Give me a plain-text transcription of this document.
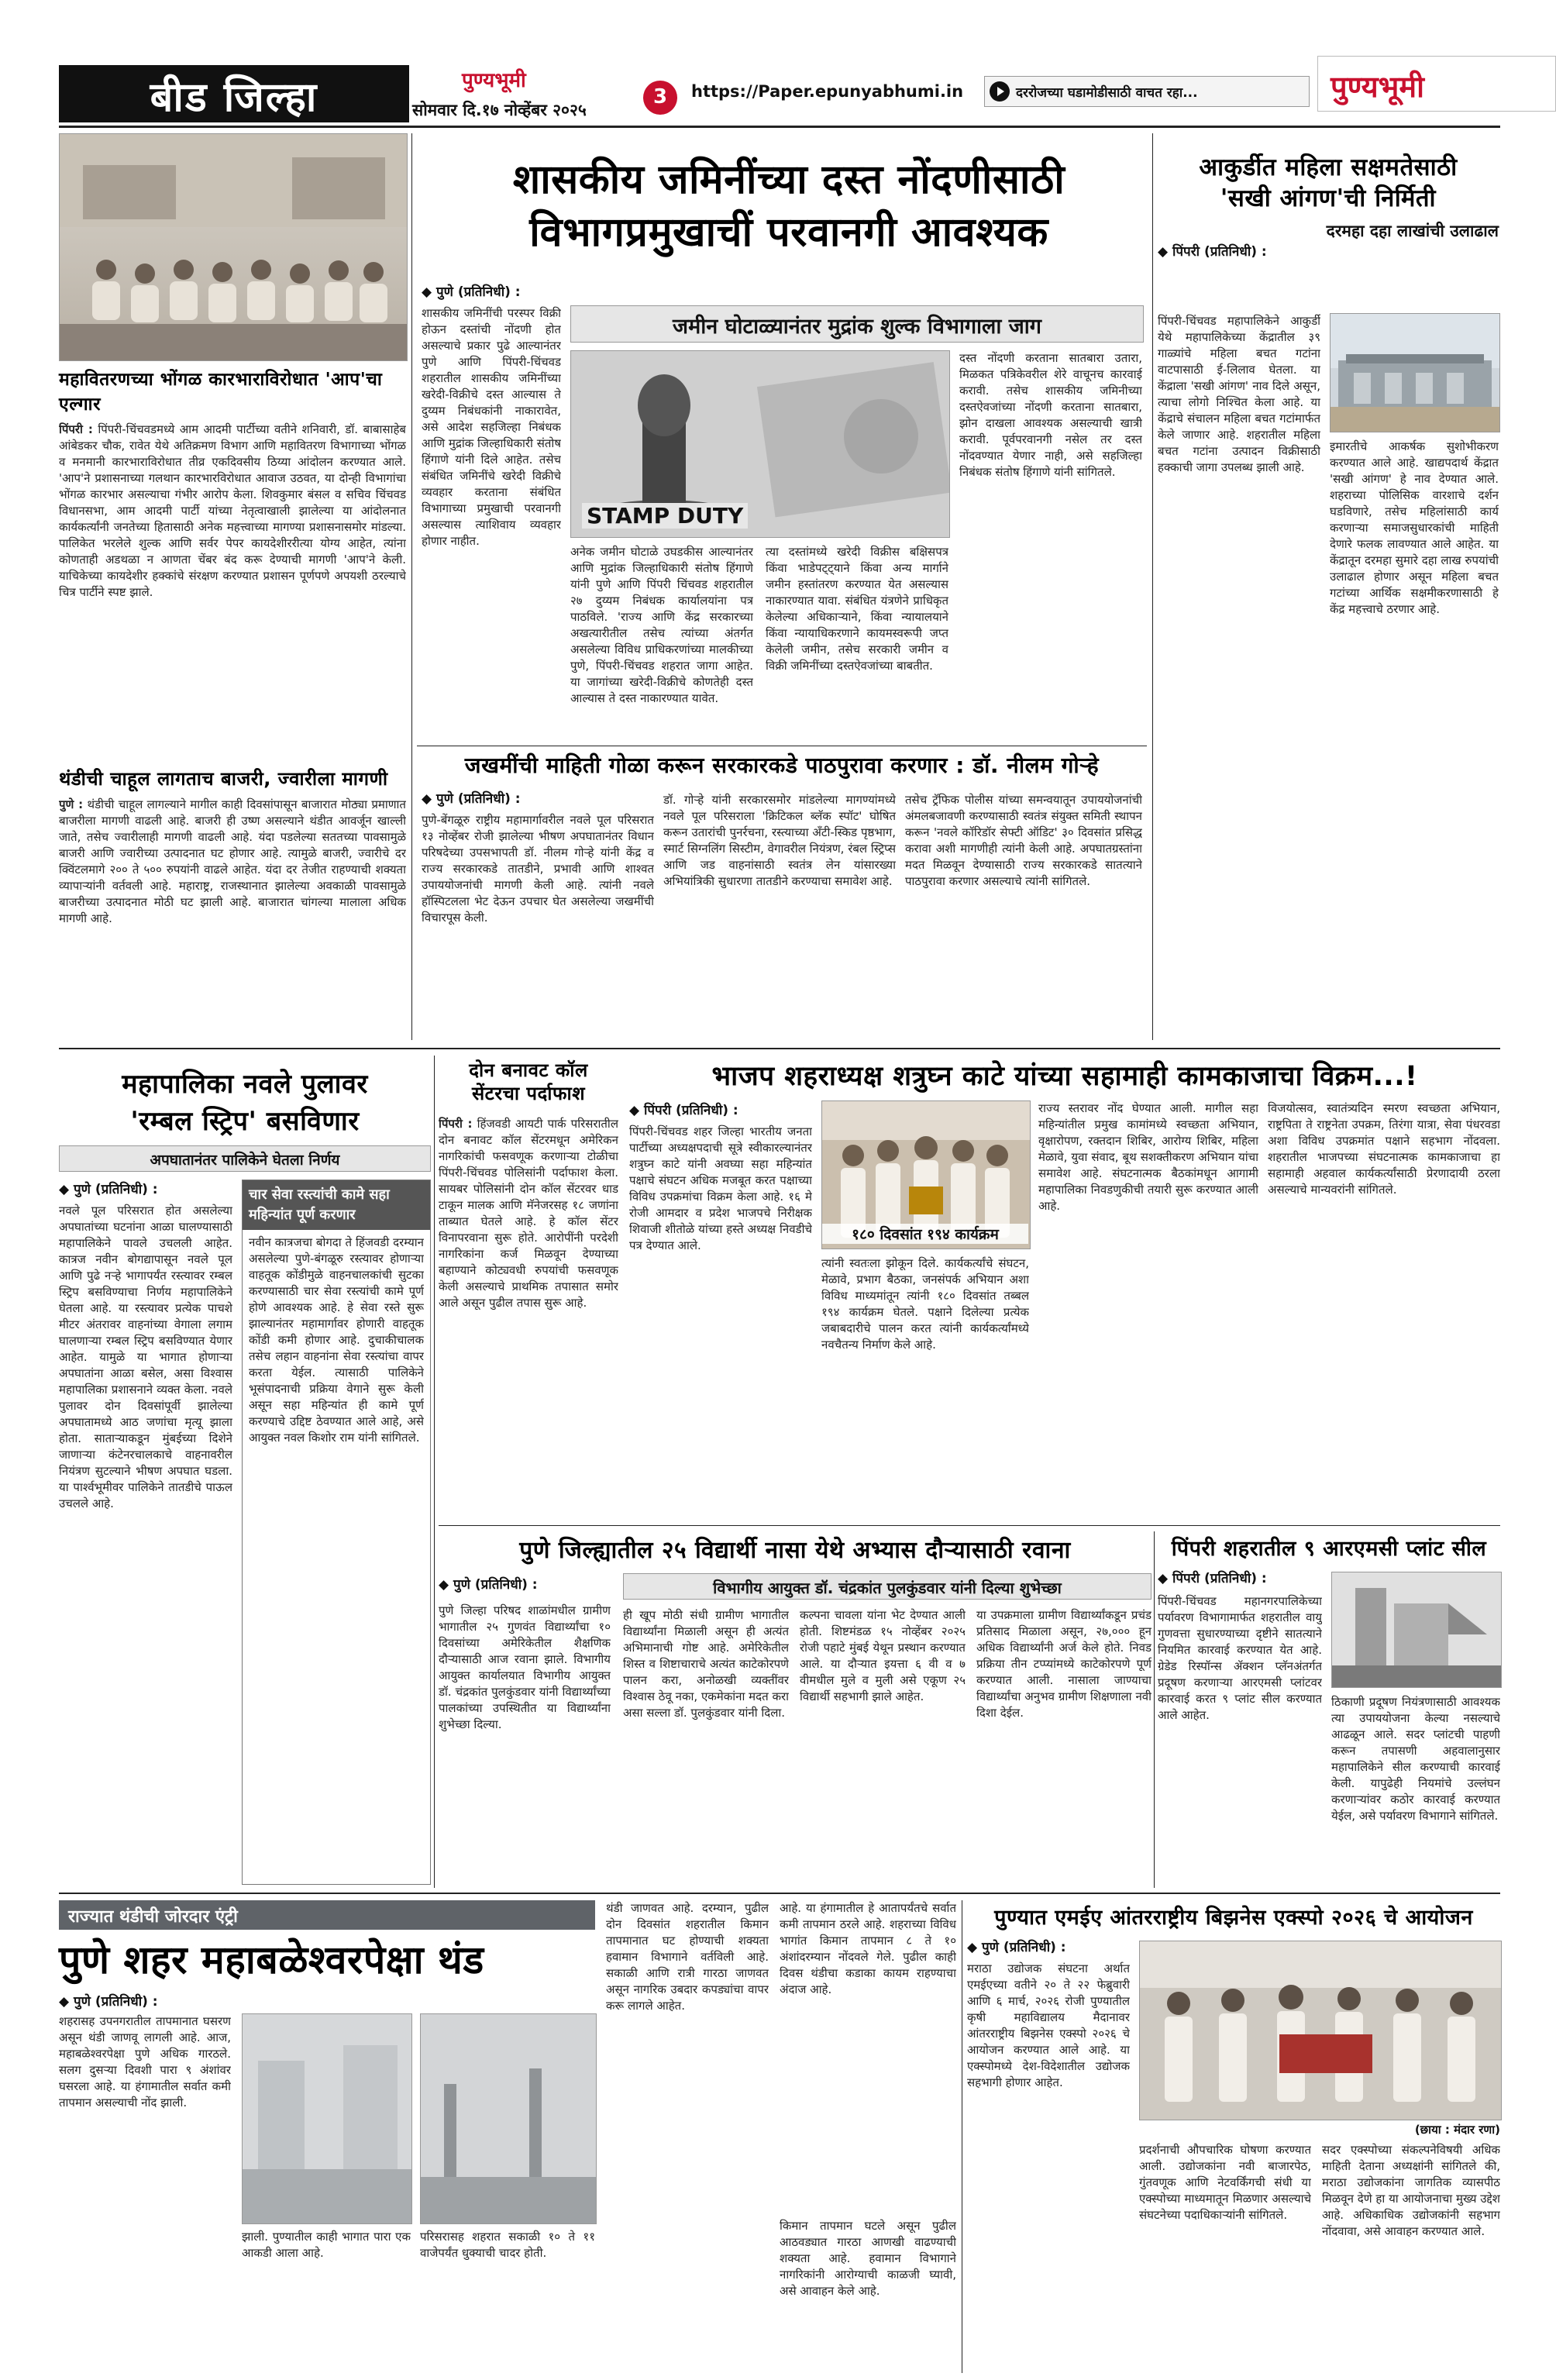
बीड जिल्हा	पुण्यभूमी
सोमवार दि.१७ नोव्हेंबर २०२५
3	https://Paper.epunyabhumi.in	दररोजच्या घडामोडीसाठी वाचत रहा...	पुण्यभूमी
महावितरणच्या भोंगळ कारभाराविरोधात 'आप'चा एल्गार
पिंपरी : पिंपरी-चिंचवडमध्ये आम आदमी पार्टीच्या वतीने शनिवारी, डॉ. बाबासाहेब आंबेडकर चौक, रावेत येथे अतिक्रमण विभाग आणि महावितरण विभागाच्या भोंगळ व मनमानी कारभाराविरोधात तीव्र एकदिवसीय ठिय्या आंदोलन करण्यात आले. 'आप'ने प्रशासनाच्या गलथान कारभारविरोधात आवाज उठवत, या दोन्ही विभागांचा भोंगळ कारभार असल्याचा गंभीर आरोप केला. शिवकुमार बंसल व सचिव चिंचवड विधानसभा, आम आदमी पार्टी यांच्या नेतृत्वाखाली झालेल्या या आंदोलनात कार्यकर्त्यांनी जनतेच्या हितासाठी अनेक महत्त्वाच्या मागण्या प्रशासनासमोर मांडल्या. पालिकेत भरलेले शुल्क आणि सर्वर पेपर कायदेशीररीत्या योग्य आहेत, त्यांना कोणताही अडथळा न आणता चेंबर बंद करू देण्याची मागणी 'आप'ने केली. याचिकेच्या कायदेशीर हक्कांचे संरक्षण करण्यात प्रशासन पूर्णपणे अपयशी ठरल्याचे चित्र पार्टीने स्पष्ट झाले.
शासकीय जमिनींच्या दस्त नोंदणीसाठी
विभागप्रमुखाचीं परवानगी आवश्यक
◆ पुणे (प्रतिनिधी) :
जमीन घोटाळ्यानंतर मुद्रांक शुल्क विभागाला जाग
शासकीय जमिनींची परस्पर विक्री होऊन दस्तांची नोंदणी होत असल्याचे प्रकार पुढे आल्यानंतर पुणे आणि पिंपरी-चिंचवड शहरातील शासकीय जमिनींच्या खरेदी-विक्रीचे दस्त आल्यास ते दुय्यम निबंधकांनी नाकारावेत, असे आदेश सहजिल्हा निबंधक आणि मुद्रांक जिल्हाधिकारी संतोष हिंगाणे यांनी दिले आहेत. तसेच संबंधित जमिनींचे खरेदी विक्रीचे व्यवहार करताना संबंधित विभागाच्या प्रमुखाची परवानगी असल्यास त्याशिवाय व्यवहार होणार नाहीत.
STAMP DUTY
अनेक जमीन घोटाळे उघडकीस आल्यानंतर आणि मुद्रांक जिल्हाधिकारी संतोष हिंगाणे यांनी पुणे आणि पिंपरी चिंचवड शहरातील २७ दुय्यम निबंधक कार्यालयांना पत्र पाठविले. 'राज्य आणि केंद्र सरकारच्या अखत्यारीतील तसेच त्यांच्या अंतर्गत असलेल्या विविध प्राधिकरणांच्या मालकीच्या पुणे, पिंपरी-चिंचवड शहरात जागा आहेत. या जागांच्या खरेदी-विक्रीचे कोणतेही दस्त आल्यास ते दस्त नाकारण्यात यावेत.
त्या दस्तांमध्ये खरेदी विक्रीस बक्षिसपत्र किंवा भाडेपट्ट्याने किंवा अन्य मार्गाने जमीन हस्तांतरण करण्यात येत असल्यास नाकारण्यात यावा. संबंधित यंत्रणेने प्राधिकृत केलेल्या अधिकाऱ्याने, किंवा न्यायालयाने किंवा न्यायाधिकरणाने कायमस्वरूपी जप्त केलेली जमीन, तसेच सरकारी जमीन व विक्री जमिनींच्या दस्तऐवजांच्या बाबतीत.
दस्त नोंदणी करताना सातबारा उतारा, मिळकत पत्रिकेवरील शेरे वाचूनच कारवाई करावी. तसेच शासकीय जमिनीच्या दस्तऐवजांच्या नोंदणी करताना सातबारा, झोन दाखला आवश्यक असल्याची खात्री करावी. पूर्वपरवानगी नसेल तर दस्त नोंदवण्यात येणार नाही, असे सहजिल्हा निबंधक संतोष हिंगाणे यांनी सांगितले.
आकुर्डीत महिला सक्षमतेसाठी
'सखी आंगण'ची निर्मिती
दरमहा दहा लाखांची उलाढाल
◆ पिंपरी (प्रतिनिधी) :
पिंपरी-चिंचवड महापालिकेने आकुर्डी येथे महापालिकेच्या केंद्रातील ३९ गाळ्यांचे महिला बचत गटांना वाटपासाठी ई-लिलाव घेतला. या केंद्राला 'सखी आंगण' नाव दिले असून, त्याचा लोगो निश्चित केला आहे. या केंद्राचे संचालन महिला बचत गटांमार्फत केले जाणार आहे. शहरातील महिला बचत गटांना उत्पादन विक्रीसाठी हक्काची जागा उपलब्ध झाली आहे.
इमारतीचे आकर्षक सुशोभीकरण करण्यात आले आहे. खाद्यपदार्थ केंद्रात 'सखी आंगण' हे नाव देण्यात आले. शहराच्या पोलिसिक वारशाचे दर्शन घडविणारे, तसेच महिलांसाठी कार्य करणाऱ्या समाजसुधारकांची माहिती देणारे फलक लावण्यात आले आहेत. या केंद्रातून दरमहा सुमारे दहा लाख रुपयांची उलाढाल होणार असून महिला बचत गटांच्या आर्थिक सक्षमीकरणासाठी हे केंद्र महत्त्वाचे ठरणार आहे.
थंडीची चाहूल लागताच बाजरी, ज्वारीला मागणी
पुणे : थंडीची चाहूल लागल्याने मागील काही दिवसांपासून बाजारात मोठ्या प्रमाणात बाजरीला मागणी वाढली आहे. बाजरी ही उष्ण असल्याने थंडीत आवर्जून खाल्ली जाते, तसेच ज्वारीलाही मागणी वाढली आहे. यंदा पडलेल्या सततच्या पावसामुळे बाजरी आणि ज्वारीच्या उत्पादनात घट होणार आहे. त्यामुळे बाजरी, ज्वारीचे दर क्विंटलमागे २०० ते ५०० रुपयांनी वाढले आहेत. यंदा दर तेजीत राहण्याची शक्यता व्यापाऱ्यांनी वर्तवली आहे. महाराष्ट्र, राजस्थानात झालेल्या अवकाळी पावसामुळे बाजरीच्या उत्पादनात मोठी घट झाली आहे. बाजारात चांगल्या मालाला अधिक मागणी आहे.
जखमींची माहिती गोळा करून सरकारकडे पाठपुरावा करणार : डॉ. नीलम गोऱ्हे
◆ पुणे (प्रतिनिधी) :
पुणे-बेंगळूरु राष्ट्रीय महामार्गावरील नवले पूल परिसरात १३ नोव्हेंबर रोजी झालेल्या भीषण अपघातानंतर विधान परिषदेच्या उपसभापती डॉ. नीलम गोऱ्हे यांनी केंद्र व राज्य सरकारकडे तातडीने, प्रभावी आणि शाश्वत उपाययोजनांची मागणी केली आहे. त्यांनी नवले हॉस्पिटलला भेट देऊन उपचार घेत असलेल्या जखमींची विचारपूस केली.
डॉ. गोऱ्हे यांनी सरकारसमोर मांडलेल्या मागण्यांमध्ये नवले पूल परिसराला 'क्रिटिकल ब्लॅक स्पॉट' घोषित करून उतारांची पुनर्रचना, रस्त्याच्या अँटी-स्किड पृष्ठभाग, स्मार्ट सिग्नलिंग सिस्टीम, वेगावरील नियंत्रण, रंबल स्ट्रिप्स आणि जड वाहनांसाठी स्वतंत्र लेन यांसारख्या अभियांत्रिकी सुधारणा तातडीने करण्याचा समावेश आहे.
तसेच ट्रॅफिक पोलीस यांच्या समन्वयातून उपाययोजनांची अंमलबजावणी करण्यासाठी स्वतंत्र संयुक्त समिती स्थापन करून 'नवले कॉरिडॉर सेफ्टी ऑडिट' ३० दिवसांत प्रसिद्ध करावा अशी मागणीही त्यांनी केली आहे. अपघातग्रस्तांना मदत मिळवून देण्यासाठी राज्य सरकारकडे सातत्याने पाठपुरावा करणार असल्याचे त्यांनी सांगितले.
महापालिका नवले पुलावर
'रम्बल स्ट्रिप' बसविणार
अपघातानंतर पालिकेने घेतला निर्णय
◆ पुणे (प्रतिनिधी) :
नवले पूल परिसरात होत असलेल्या अपघातांच्या घटनांना आळा घालण्यासाठी महापालिकेने पावले उचलली आहेत. कात्रज नवीन बोगद्यापासून नवले पूल आणि पुढे नऱ्हे भागापर्यंत रस्त्यावर रम्बल स्ट्रिप बसविण्याचा निर्णय महापालिकेने घेतला आहे. या रस्त्यावर प्रत्येक पाचशे मीटर अंतरावर वाहनांच्या वेगाला लगाम घालणाऱ्या रम्बल स्ट्रिप बसविण्यात येणार आहेत. यामुळे या भागात होणाऱ्या अपघातांना आळा बसेल, असा विश्वास महापालिका प्रशासनाने व्यक्त केला. नवले पुलावर दोन दिवसांपूर्वी झालेल्या अपघातामध्ये आठ जणांचा मृत्यू झाला होता. साताऱ्याकडून मुंबईच्या दिशेने जाणाऱ्या कंटेनरचालकाचे वाहनावरील नियंत्रण सुटल्याने भीषण अपघात घडला. या पार्श्वभूमीवर पालिकेने तातडीचे पाऊल उचलले आहे.
चार सेवा रस्त्यांची कामे सहा महिन्यांत पूर्ण करणार
नवीन कात्रजचा बोगदा ते हिंजवडी दरम्यान असलेल्या पुणे-बंगळूरु रस्त्यावर होणाऱ्या वाहतूक कोंडीमुळे वाहनचालकांची सुटका करण्यासाठी चार सेवा रस्त्यांची कामे पूर्ण होणे आवश्यक आहे. हे सेवा रस्ते सुरू झाल्यानंतर महामार्गावर होणारी वाहतूक कोंडी कमी होणार आहे. दुचाकीचालक तसेच लहान वाहनांना सेवा रस्त्यांचा वापर करता येईल. त्यासाठी पालिकेने भूसंपादनाची प्रक्रिया वेगाने सुरू केली असून सहा महिन्यांत ही कामे पूर्ण करण्याचे उद्दिष्ट ठेवण्यात आले आहे, असे आयुक्त नवल किशोर राम यांनी सांगितले.
दोन बनावट कॉल
सेंटरचा पर्दाफाश
पिंपरी : हिंजवडी आयटी पार्क परिसरातील दोन बनावट कॉल सेंटरमधून अमेरिकन नागरिकांची फसवणूक करणाऱ्या टोळीचा पिंपरी-चिंचवड पोलिसांनी पर्दाफाश केला. सायबर पोलिसांनी दोन कॉल सेंटरवर धाड टाकून मालक आणि मॅनेजरसह १८ जणांना ताब्यात घेतले आहे. हे कॉल सेंटर विनापरवाना सुरू होते. आरोपींनी परदेशी नागरिकांना कर्ज मिळवून देण्याच्या बहाण्याने कोट्यवधी रुपयांची फसवणूक केली असल्याचे प्राथमिक तपासात समोर आले असून पुढील तपास सुरू आहे.
भाजप शहराध्यक्ष शत्रुघ्न काटे यांच्या सहामाही कामकाजाचा विक्रम...!
◆ पिंपरी (प्रतिनिधी) :
पिंपरी-चिंचवड शहर जिल्हा भारतीय जनता पार्टीच्या अध्यक्षपदाची सूत्रे स्वीकारल्यानंतर शत्रुघ्न काटे यांनी अवघ्या सहा महिन्यांत पक्षाचे संघटन अधिक मजबूत करत पक्षाच्या विविध उपक्रमांचा विक्रम केला आहे. १६ मे रोजी आमदार व प्रदेश भाजपचे निरीक्षक शिवाजी शीतोळे यांच्या हस्ते अध्यक्ष निवडीचे पत्र देण्यात आले.
१८० दिवसांत १९४ कार्यक्रम
त्यांनी स्वतःला झोकून दिले. कार्यकर्त्यांचे संघटन, मेळावे, प्रभाग बैठका, जनसंपर्क अभियान अशा विविध माध्यमांतून त्यांनी १८० दिवसांत तब्बल १९४ कार्यक्रम घेतले. पक्षाने दिलेल्या प्रत्येक जबाबदारीचे पालन करत त्यांनी कार्यकर्त्यांमध्ये नवचैतन्य निर्माण केले आहे.
राज्य स्तरावर नोंद घेण्यात आली. मागील सहा महिन्यांतील प्रमुख कामांमध्ये स्वच्छता अभियान, वृक्षारोपण, रक्तदान शिबिर, आरोग्य शिबिर, महिला मेळावे, युवा संवाद, बूथ सशक्तीकरण अभियान यांचा समावेश आहे. संघटनात्मक बैठकांमधून आगामी महापालिका निवडणुकीची तयारी सुरू करण्यात आली आहे.
विजयोत्सव, स्वातंत्र्यदिन स्मरण स्वच्छता अभियान, राष्ट्रपिता ते राष्ट्रनेता उपक्रम, तिरंगा यात्रा, सेवा पंधरवडा अशा विविध उपक्रमांत पक्षाने सहभाग नोंदवला. शहरातील भाजपच्या संघटनात्मक कामकाजाचा हा सहामाही अहवाल कार्यकर्त्यांसाठी प्रेरणादायी ठरला असल्याचे मान्यवरांनी सांगितले.
पुणे जिल्ह्यातील २५ विद्यार्थी नासा येथे अभ्यास दौऱ्यासाठी रवाना
◆ पुणे (प्रतिनिधी) :	विभागीय आयुक्त डॉ. चंद्रकांत पुलकुंडवार यांनी दिल्या शुभेच्छा
पुणे जिल्हा परिषद शाळांमधील ग्रामीण भागातील २५ गुणवंत विद्यार्थ्यांचा १० दिवसांच्या अमेरिकेतील शैक्षणिक दौऱ्यासाठी आज रवाना झाले. विभागीय आयुक्त कार्यालयात विभागीय आयुक्त डॉ. चंद्रकांत पुलकुंडवार यांनी विद्यार्थ्यांच्या पालकांच्या उपस्थितीत या विद्यार्थ्यांना शुभेच्छा दिल्या.
ही खूप मोठी संधी ग्रामीण भागातील विद्यार्थ्यांना मिळाली असून ही अत्यंत अभिमानाची गोष्ट आहे. अमेरिकेतील शिस्त व शिष्टाचाराचे अत्यंत काटेकोरपणे पालन करा, अनोळखी व्यक्तींवर विश्वास ठेवू नका, एकमेकांना मदत करा असा सल्ला डॉ. पुलकुंडवार यांनी दिला.
कल्पना चावला यांना भेट देण्यात आली होती. शिष्टमंडळ १५ नोव्हेंबर २०२५ रोजी पहाटे मुंबई येथून प्रस्थान करण्यात आले. या दौऱ्यात इयत्ता ६ वी व ७ वीमधील मुले व मुली असे एकूण २५ विद्यार्थी सहभागी झाले आहेत.
या उपक्रमाला ग्रामीण विद्यार्थ्यांकडून प्रचंड प्रतिसाद मिळाला असून, २७,००० हून अधिक विद्यार्थ्यांनी अर्ज केले होते. निवड प्रक्रिया तीन टप्प्यांमध्ये काटेकोरपणे पूर्ण करण्यात आली. नासाला जाण्याचा विद्यार्थ्यांचा अनुभव ग्रामीण शिक्षणाला नवी दिशा देईल.
पिंपरी शहरातील ९ आरएमसी प्लांट सील
◆ पिंपरी (प्रतिनिधी) :
पिंपरी-चिंचवड महानगरपालिकेच्या पर्यावरण विभागामार्फत शहरातील वायु गुणवत्ता सुधारण्याच्या दृष्टीने सातत्याने नियमित कारवाई करण्यात येत आहे. ग्रेडेड रिस्पॉन्स ॲक्शन प्लॅनअंतर्गत प्रदूषण करणाऱ्या आरएमसी प्लांटवर कारवाई करत ९ प्लांट सील करण्यात आले आहेत.
ठिकाणी प्रदूषण नियंत्रणासाठी आवश्यक त्या उपाययोजना केल्या नसल्याचे आढळून आले. सदर प्लांटची पाहणी करून तपासणी अहवालानुसार महापालिकेने सील करण्याची कारवाई केली. यापुढेही नियमांचे उल्लंघन करणाऱ्यांवर कठोर कारवाई करण्यात येईल, असे पर्यावरण विभागाने सांगितले.
राज्यात थंडीची जोरदार एंट्री
पुणे शहर महाबळेश्वरपेक्षा थंड
◆ पुणे (प्रतिनिधी) :
शहरासह उपनगरातील तापमानात घसरण असून थंडी जाणवू लागली आहे. आज, महाबळेश्वरपेक्षा पुणे अधिक गारठले. सलग दुसऱ्या दिवशी पारा ९ अंशांवर घसरला आहे. या हंगामातील सर्वात कमी तापमान असल्याची नोंद झाली.
झाली. पुण्यातील काही भागात पारा एक आकडी आला आहे.
परिसरासह शहरात सकाळी १० ते ११ वाजेपर्यंत धुक्याची चादर होती.
थंडी जाणवत आहे. दरम्यान, पुढील दोन दिवसांत शहरातील किमान तापमानात घट होण्याची शक्यता हवामान विभागाने वर्तविली आहे. सकाळी आणि रात्री गारठा जाणवत असून नागरिक उबदार कपड्यांचा वापर करू लागले आहेत.
आहे. या हंगामातील हे आतापर्यंतचे सर्वात कमी तापमान ठरले आहे. शहराच्या विविध भागांत किमान तापमान ८ ते १० अंशांदरम्यान नोंदवले गेले. पुढील काही दिवस थंडीचा कडाका कायम राहण्याचा अंदाज आहे.
किमान तापमान घटले असून पुढील आठवड्यात गारठा आणखी वाढण्याची शक्यता आहे. हवामान विभागाने नागरिकांनी आरोग्याची काळजी घ्यावी, असे आवाहन केले आहे.
पुण्यात एमईए आंतरराष्ट्रीय बिझनेस एक्स्पो २०२६ चे आयोजन
◆ पुणे (प्रतिनिधी) :
मराठा उद्योजक संघटना अर्थात एमईएच्या वतीने २० ते २२ फेब्रुवारी आणि ६ मार्च, २०२६ रोजी पुण्यातील कृषी महाविद्यालय मैदानावर आंतरराष्ट्रीय बिझनेस एक्स्पो २०२६ चे आयोजन करण्यात आले आहे. या एक्स्पोमध्ये देश-विदेशातील उद्योजक सहभागी होणार आहेत.
(छाया : मंदार रणा)
प्रदर्शनाची औपचारिक घोषणा करण्यात आली. उद्योजकांना नवी बाजारपेठ, गुंतवणूक आणि नेटवर्किंगची संधी या एक्स्पोच्या माध्यमातून मिळणार असल्याचे संघटनेच्या पदाधिकाऱ्यांनी सांगितले.
सदर एक्स्पोच्या संकल्पनेविषयी अधिक माहिती देताना अध्यक्षांनी सांगितले की, मराठा उद्योजकांना जागतिक व्यासपीठ मिळवून देणे हा या आयोजनाचा मुख्य उद्देश आहे. अधिकाधिक उद्योजकांनी सहभाग नोंदवावा, असे आवाहन करण्यात आले.
